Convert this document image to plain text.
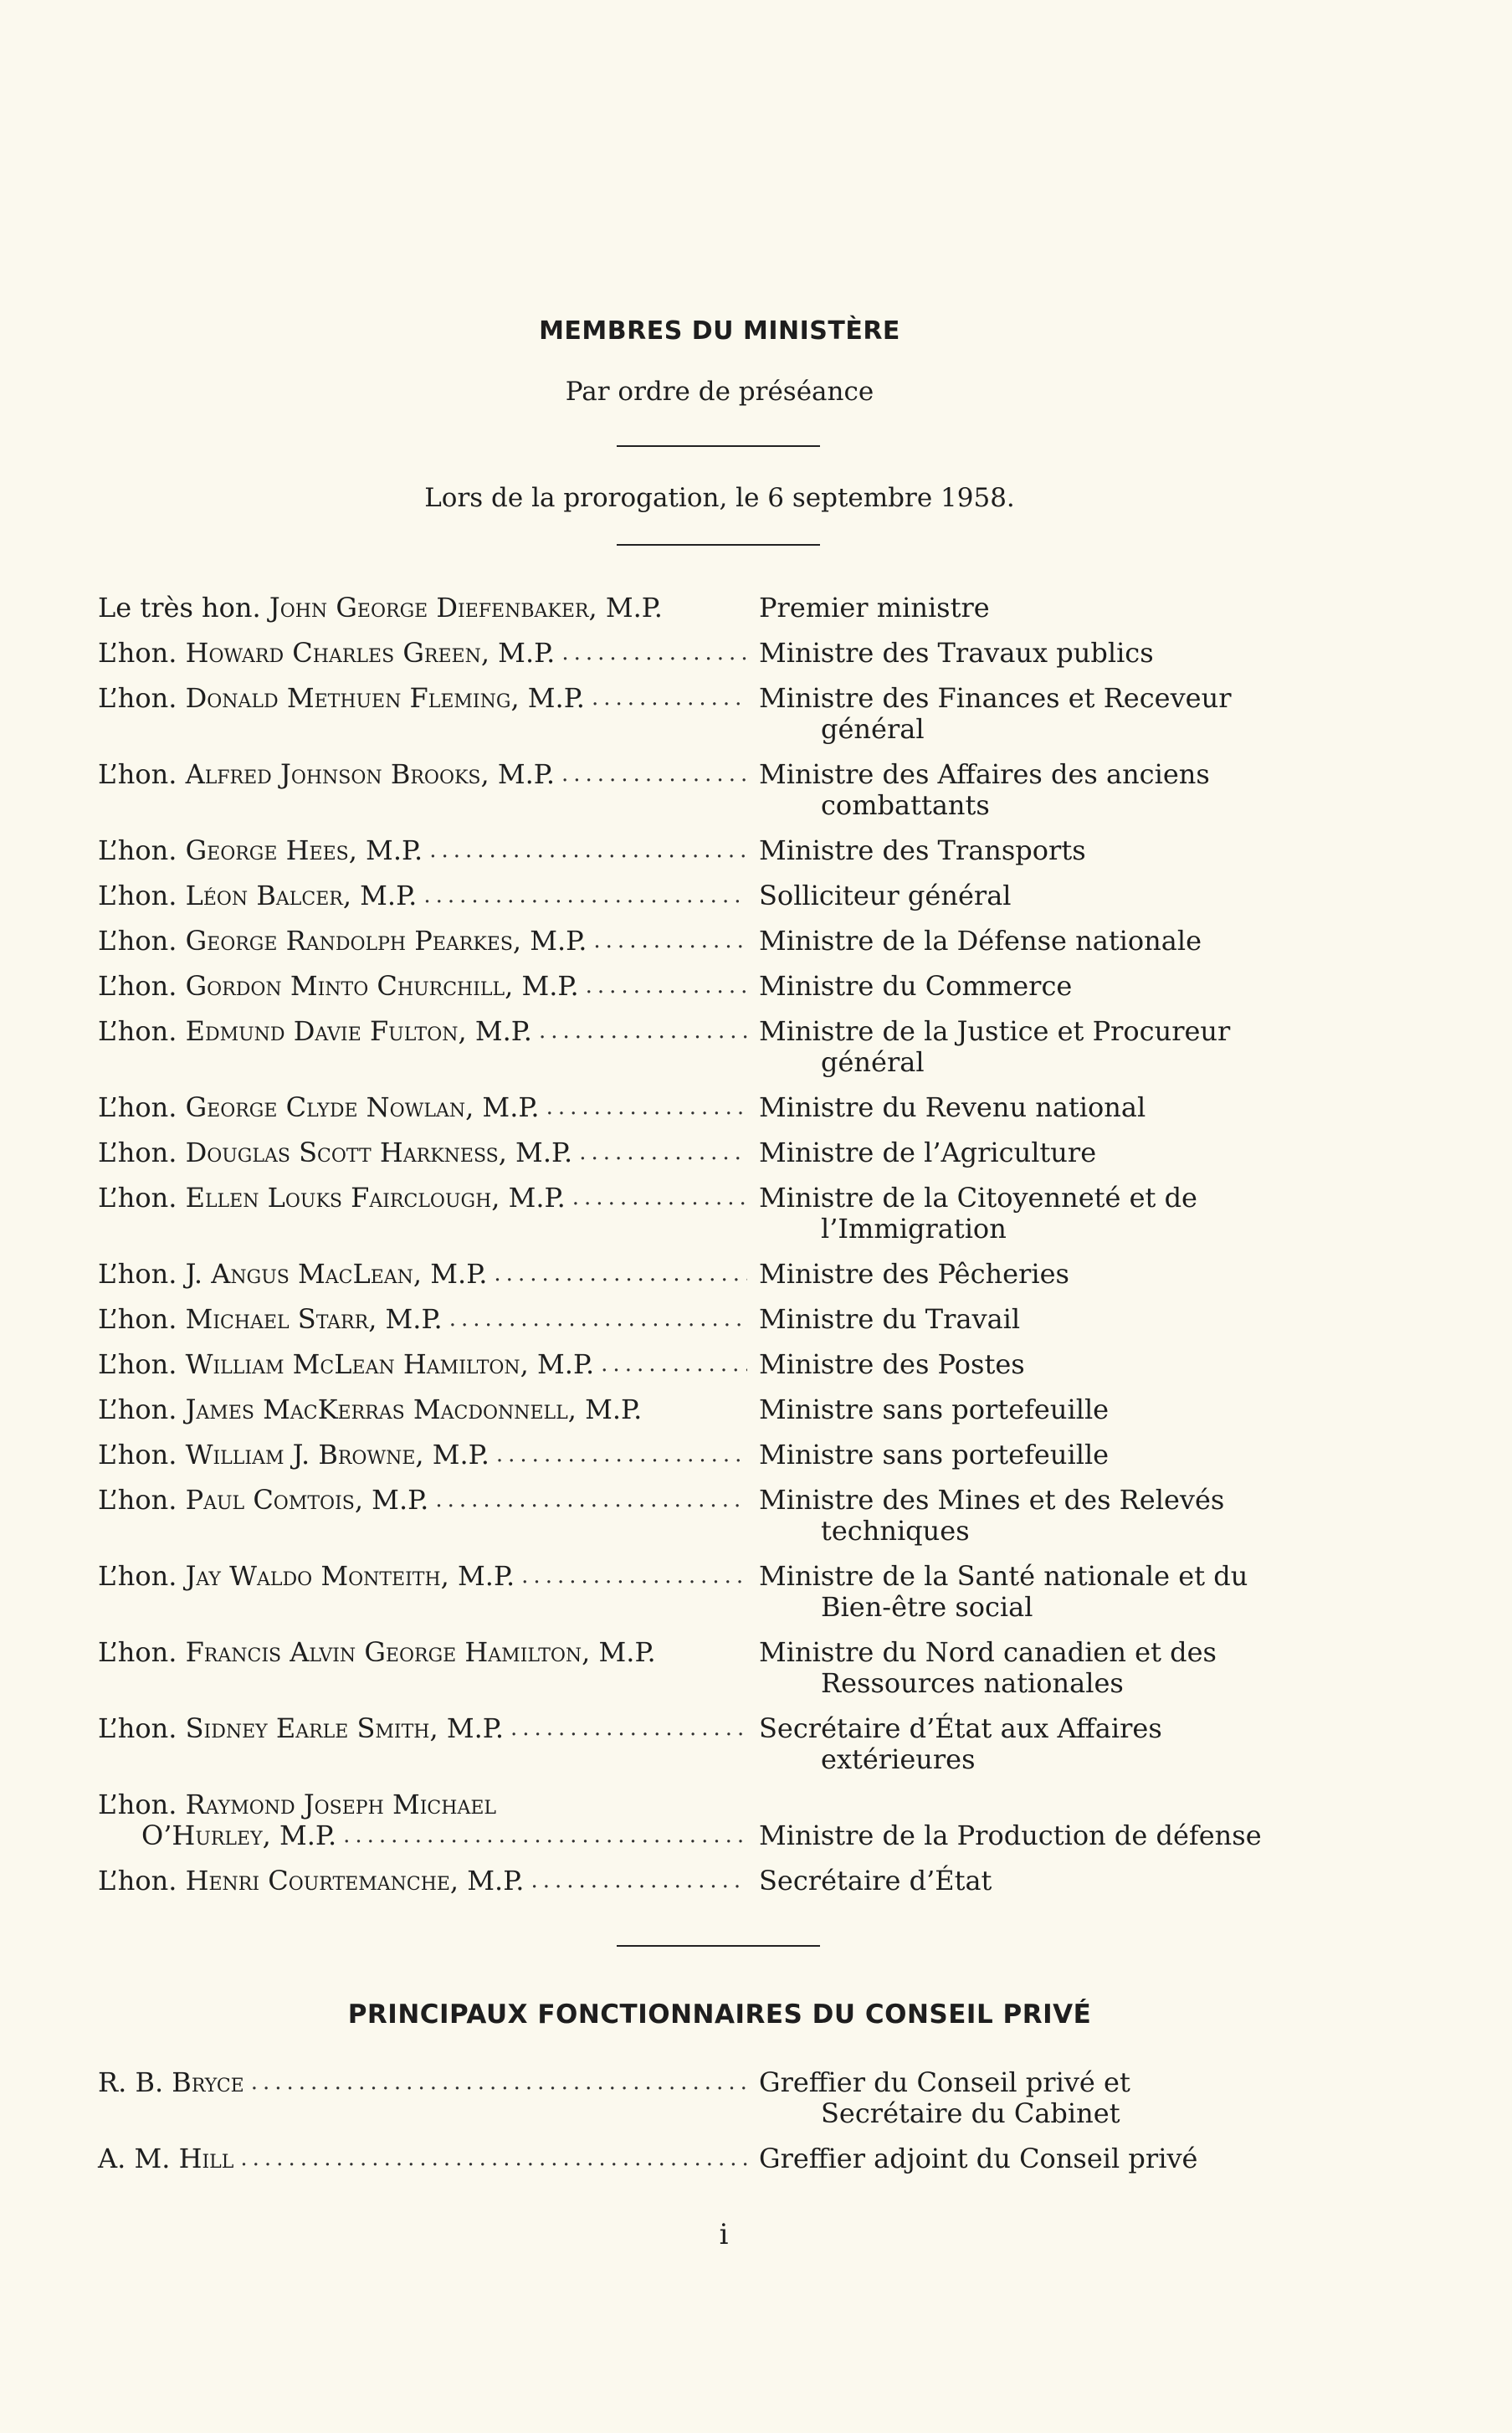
MEMBRES DU MINISTÈRE
Par ordre de préséance
Lors de la prorogation, le 6 septembre 1958.
Le très hon. John George Diefenbaker, M.P.	Premier ministre
L’hon. Howard Charles Green, M.P. .....	Ministre des Travaux publics
L’hon. Donald Methuen Fleming, M.P. .....	Ministre des Finances et Receveur
général
L’hon. Alfred Johnson Brooks, M.P. .....	Ministre des Affaires des anciens
combattants
L’hon. George Hees, M.P. .....	Ministre des Transports
L’hon. Léon Balcer, M.P. .....	Solliciteur général
L’hon. George Randolph Pearkes, M.P. .....	Ministre de la Défense nationale
L’hon. Gordon Minto Churchill, M.P. .....	Ministre du Commerce
L’hon. Edmund Davie Fulton, M.P. .....	Ministre de la Justice et Procureur
général
L’hon. George Clyde Nowlan, M.P. .....	Ministre du Revenu national
L’hon. Douglas Scott Harkness, M.P. .....	Ministre de l’Agriculture
L’hon. Ellen Louks Fairclough, M.P. .....	Ministre de la Citoyenneté et de
l’Immigration
L’hon. J. Angus MacLean, M.P. .....	Ministre des Pêcheries
L’hon. Michael Starr, M.P. .....	Ministre du Travail
L’hon. William McLean Hamilton, M.P. .....	Ministre des Postes
L’hon. James MacKerras Macdonnell, M.P.	Ministre sans portefeuille
L’hon. William J. Browne, M.P. .....	Ministre sans portefeuille
L’hon. Paul Comtois, M.P. .....	Ministre des Mines et des Relevés
techniques
L’hon. Jay Waldo Monteith, M.P. .....	Ministre de la Santé nationale et du
Bien-être social
L’hon. Francis Alvin George Hamilton, M.P.	Ministre du Nord canadien et des
Ressources nationales
L’hon. Sidney Earle Smith, M.P. .....	Secrétaire d’État aux Affaires
extérieures
L’hon. Raymond Joseph Michael
O’Hurley, M.P. .....	Ministre de la Production de défense
L’hon. Henri Courtemanche, M.P. .....	Secrétaire d’État
PRINCIPAUX FONCTIONNAIRES DU CONSEIL PRIVÉ
R. B. Bryce .....	Greffier du Conseil privé et
Secrétaire du Cabinet
A. M. Hill .....	Greffier adjoint du Conseil privé
i
